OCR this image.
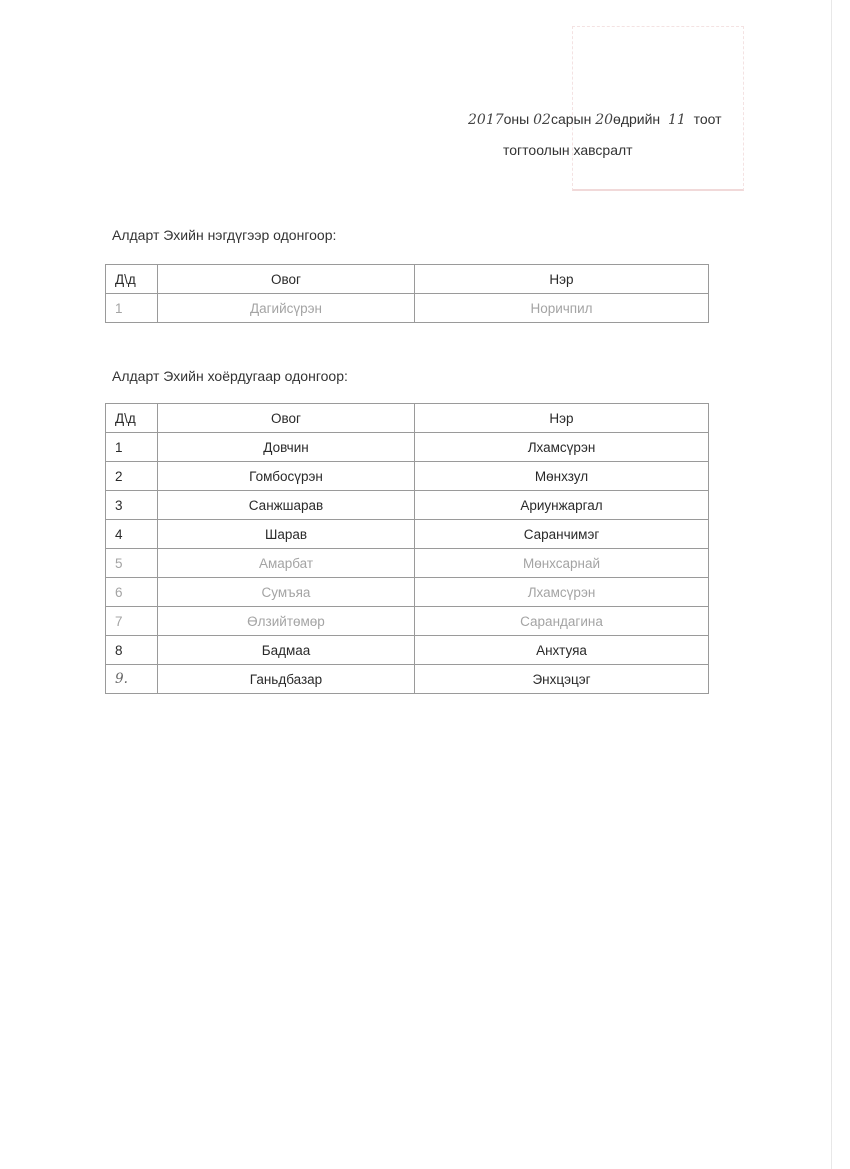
2017оны 02сарын 20өдрийн 11 тоот
тогтоолын хавсралт
Алдарт Эхийн нэгдүгээр одонгоор:
Д\д	Овог	Нэр
1	Дагийсүрэн	Норичпил
Алдарт Эхийн хоёрдугаар одонгоор:
Д\д	Овог	Нэр
1	Довчин	Лхамсүрэн
2	Гомбосүрэн	Мөнхзул
3	Санжшарав	Ариунжаргал
4	Шарав	Саранчимэг
5	Амарбат	Мөнхсарнай
6	Сумъяа	Лхамсүрэн
7	Өлзийтөмөр	Сарандагина
8	Бадмаа	Анхтуяа
9.	Ганьдбазар	Энхцэцэг
